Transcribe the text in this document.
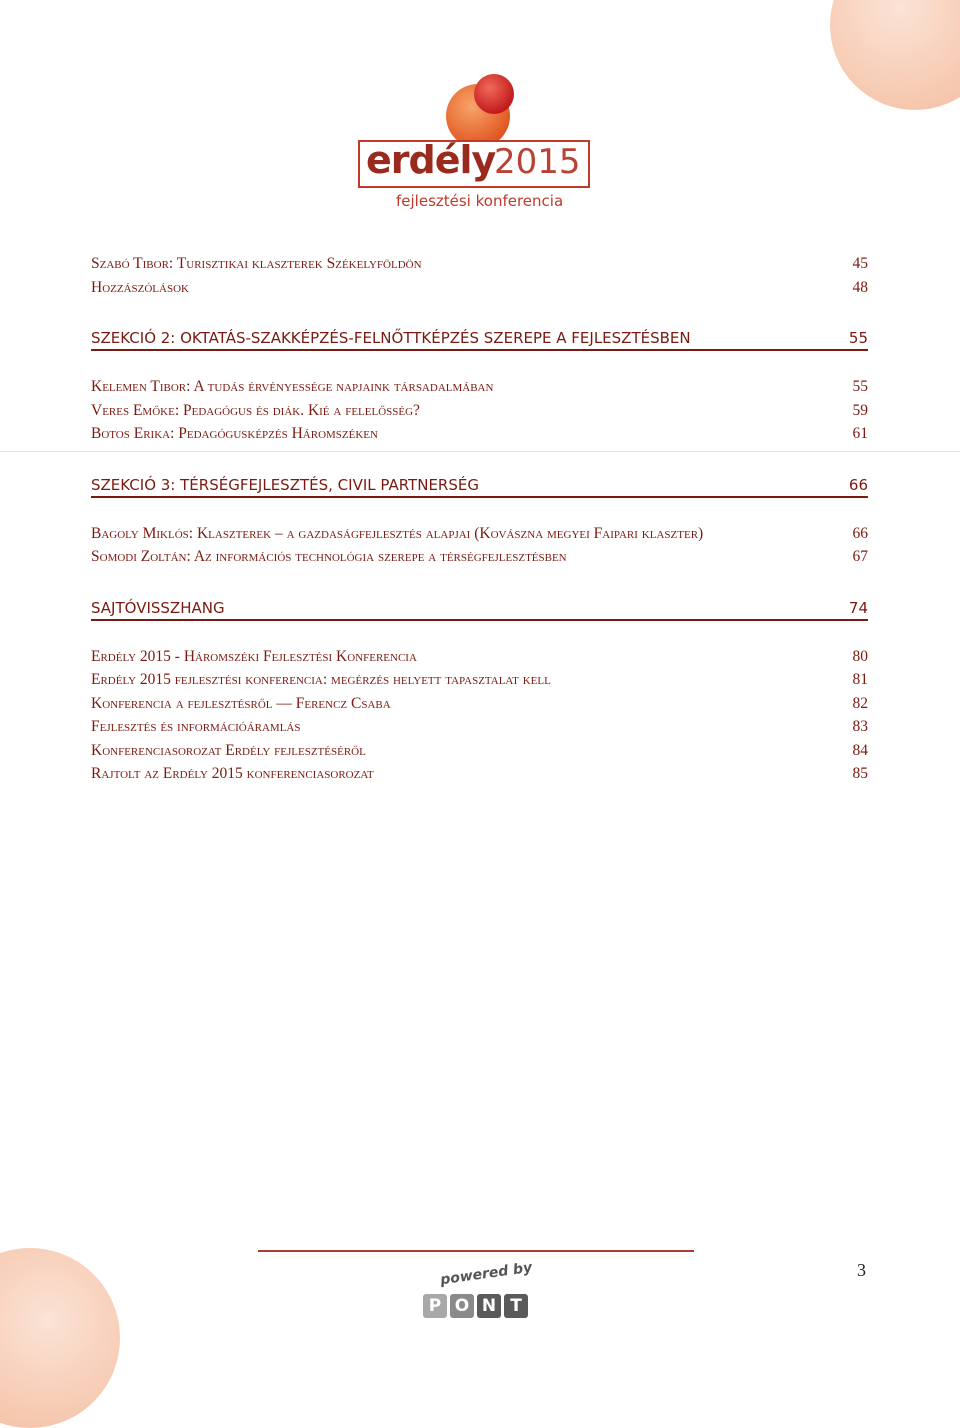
erdély
2015
fejlesztési konferencia
Szabó Tibor: Turisztikai klaszterek Székelyföldön	45
Hozzászólások	48
SZEKCIÓ 2: OKTATÁS-SZAKKÉPZÉS-FELNŐTTKÉPZÉS SZEREPE A FEJLESZTÉSBEN	55
Kelemen Tibor: A tudás érvényessége napjaink társadalmában	55
Veres Emőke: Pedagógus és diák. Kié a felelősség?	59
Botos Erika: Pedagógusképzés Háromszéken	61
SZEKCIÓ 3: TÉRSÉGFEJLESZTÉS, CIVIL PARTNERSÉG	66
Bagoly Miklós: Klaszterek – a gazdaságfejlesztés alapjai (Kovászna megyei Faipari klaszter)	66
Somodi Zoltán: Az információs technológia szerepe a térségfejlesztésben	67
SAJTÓVISSZHANG	74
Erdély 2015 - Háromszéki Fejlesztési Konferencia	80
Erdély 2015 fejlesztési konferencia: megérzés helyett tapasztalat kell	81
Konferencia a fejlesztésről — Ferencz Csaba	82
Fejlesztés és információáramlás	83
Konferenciasorozat Erdély fejlesztéséről	84
Rajtolt az Erdély 2015 konferenciasorozat	85
powered by
P O N T
3
